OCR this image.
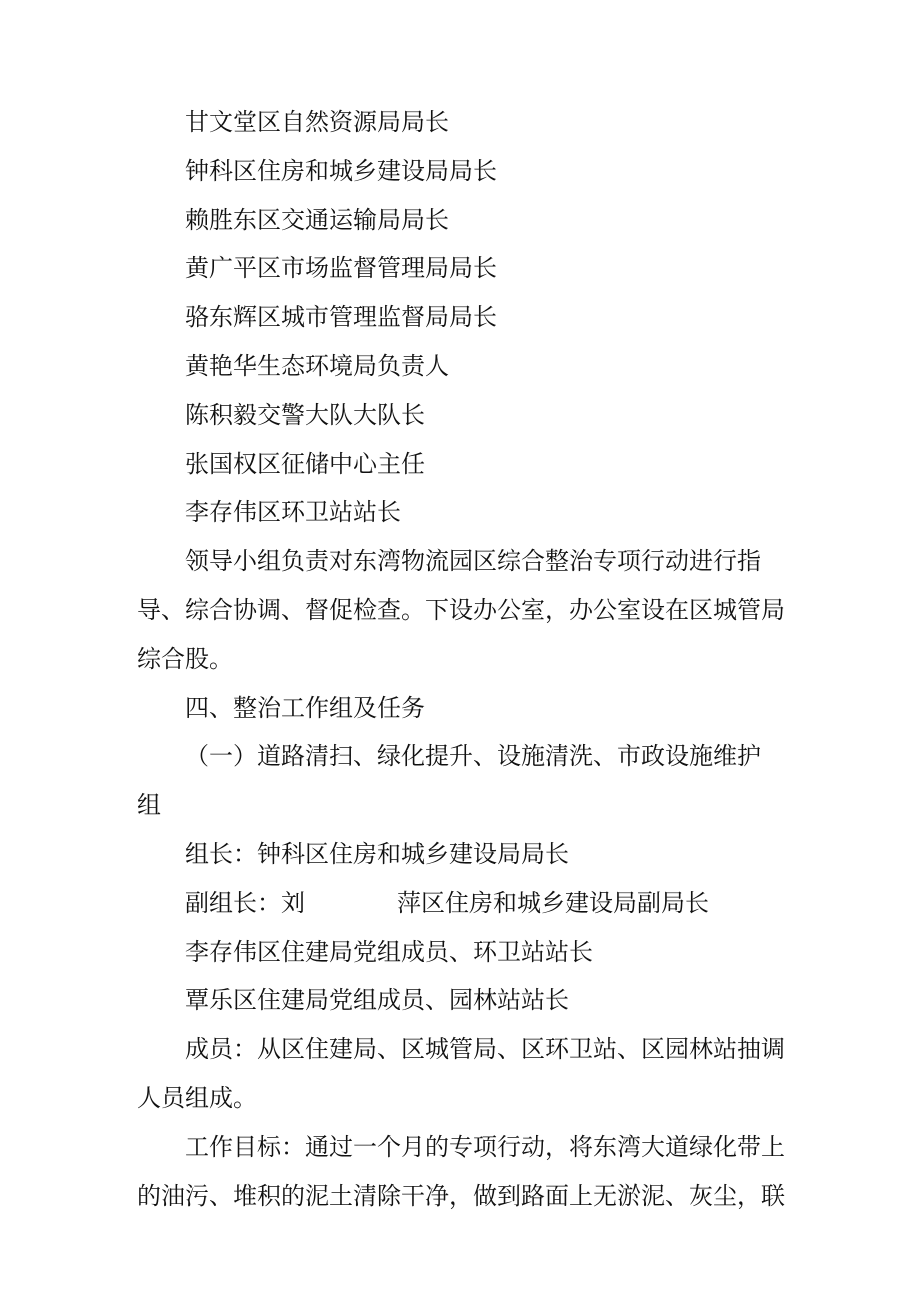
甘文堂区自然资源局局长
钟科区住房和城乡建设局局长
赖胜东区交通运输局局长
黄广平区市场监督管理局局长
骆东辉区城市管理监督局局长
黄艳华生态环境局负责人
陈积毅交警大队大队长
张国权区征储中心主任
李存伟区环卫站站长
领导小组负责对东湾物流园区综合整治专项行动进行指
导、综合协调、督促检查。下设办公室，办公室设在区城管局
综合股。
四、整治工作组及任务
（一）道路清扫、绿化提升、设施清洗、市政设施维护
组
组长：钟科区住房和城乡建设局局长
副组长：刘	萍区住房和城乡建设局副局长
李存伟区住建局党组成员、环卫站站长
覃乐区住建局党组成员、园林站站长
成员：从区住建局、区城管局、区环卫站、区园林站抽调
人员组成。
工作目标：通过一个月的专项行动，将东湾大道绿化带上
的油污、堆积的泥土清除干净，做到路面上无淤泥、灰尘，联
